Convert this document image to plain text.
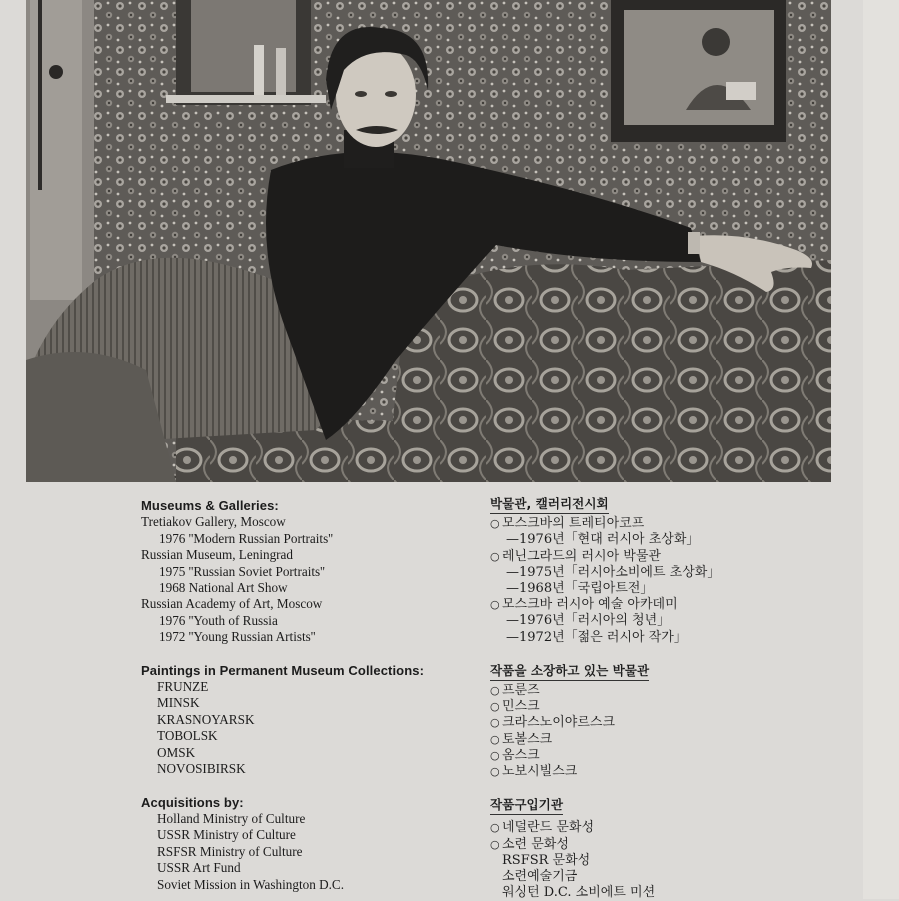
Museums & Galleries:
Tretiakov Gallery, Moscow
1976 ''Modern Russian Portraits''
Russian Museum, Leningrad
1975 ''Russian Soviet Portraits''
1968 National Art Show
Russian Academy of Art, Moscow
1976 ''Youth of Russia
1972 ''Young Russian Artists''
Paintings in Permanent Museum Collections:
FRUNZE
MINSK
KRASNOYARSK
TOBOLSK
OMSK
NOVOSIBIRSK
Acquisitions by:
Holland Ministry of Culture
USSR Ministry of Culture
RSFSR Ministry of Culture
USSR Art Fund
Soviet Mission in Washington D.C.
박물관, 캘러리전시회
○ 모스크바의 트레티아코프
—1976년「현대 러시아 초상화」
○ 레닌그라드의 러시아 박물관
—1975년「러시아소비에트 초상화」
—1968년「국립아트전」
○ 모스크바 러시아 예술 아카데미
—1976년「러시아의 청년」
—1972년「젊은 러시아 작가」
작품을 소장하고 있는 박물관
○ 프룬즈
○ 민스크
○ 크라스노이야르스크
○ 토볼스크
○ 옴스크
○ 노보시빌스크
작품구입기관
○ 네덜란드 문화성
○ 소련 문화성
RSFSR 문화성
소련예술기금
워싱턴 D.C. 소비에트 미션
